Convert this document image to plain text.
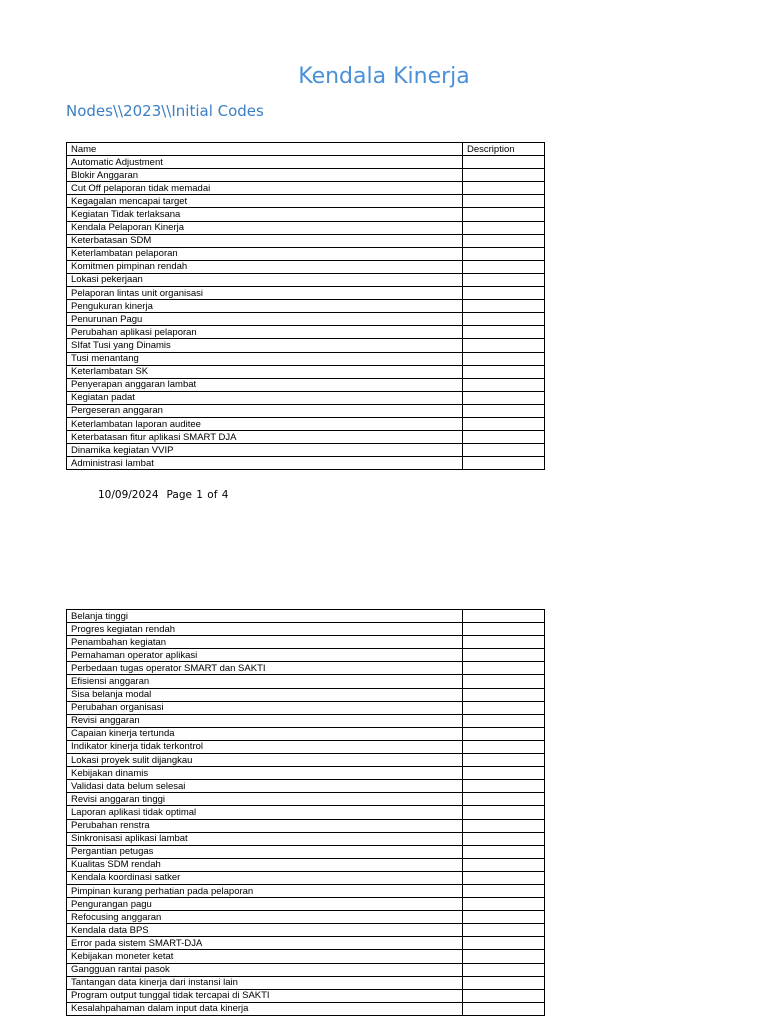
Kendala Kinerja
Nodes\\2023\\Initial Codes
Name	Description
Automatic Adjustment	
Blokir Anggaran	
Cut Off pelaporan tidak memadai	
Kegagalan mencapai target	
Kegiatan Tidak terlaksana	
Kendala Pelaporan Kinerja	
Keterbatasan SDM	
Keterlambatan pelaporan	
Komitmen pimpinan rendah	
Lokasi pekerjaan	
Pelaporan lintas unit organisasi	
Pengukuran kinerja	
Penurunan Pagu	
Perubahan aplikasi pelaporan	
SIfat Tusi yang Dinamis	
Tusi menantang	
Keterlambatan SK	
Penyerapan anggaran lambat	
Kegiatan padat	
Pergeseran anggaran	
Keterlambatan laporan auditee	
Keterbatasan fitur aplikasi SMART DJA	
Dinamika kegiatan VVIP	
Administrasi lambat	
10/09/2024 Page 1 of 4
Belanja tinggi	
Progres kegiatan rendah	
Penambahan kegiatan	
Pemahaman operator aplikasi	
Perbedaan tugas operator SMART dan SAKTI	
Efisiensi anggaran	
Sisa belanja modal	
Perubahan organisasi	
Revisi anggaran	
Capaian kinerja tertunda	
Indikator kinerja tidak terkontrol	
Lokasi proyek sulit dijangkau	
Kebijakan dinamis	
Validasi data belum selesai	
Revisi anggaran tinggi	
Laporan aplikasi tidak optimal	
Perubahan renstra	
Sinkronisasi aplikasi lambat	
Pergantian petugas	
Kualitas SDM rendah	
Kendala koordinasi satker	
Pimpinan kurang perhatian pada pelaporan	
Pengurangan pagu	
Refocusing anggaran	
Kendala data BPS	
Error pada sistem SMART-DJA	
Kebijakan moneter ketat	
Gangguan rantai pasok	
Tantangan data kinerja dari instansi lain	
Program output tunggal tidak tercapai di SAKTI	
Kesalahpahaman dalam input data kinerja	
